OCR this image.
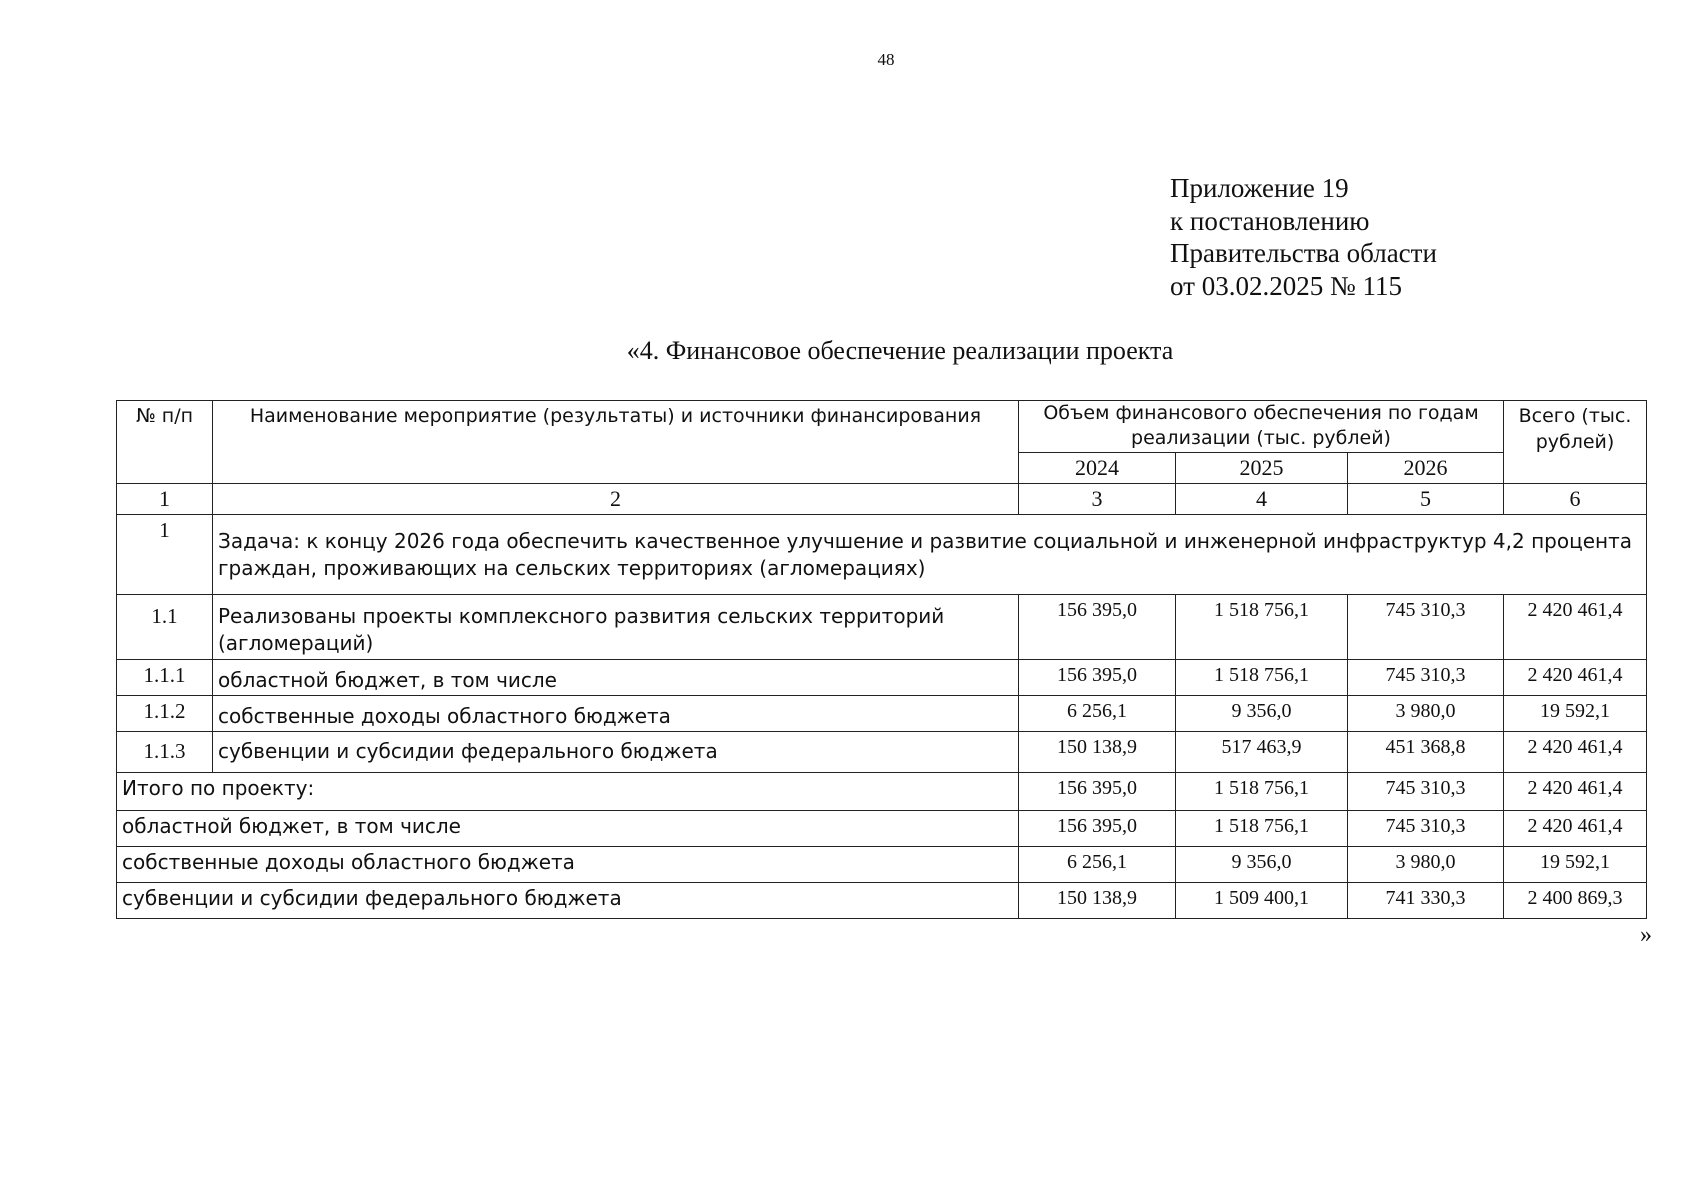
48
Приложение 19
к постановлению
Правительства области
от 03.02.2025 № 115
«4. Финансовое обеспечение реализации проекта
№ п/п	Наименование мероприятие (результаты) и источники финансирования	Объем финансового обеспечения по годам реализации (тыс. рублей)			Всего (тыс. рублей)
		2024	2025	2026	
1	2	3	4	5	6
1	Задача: к концу 2026 года обеспечить качественное улучшение и развитие социальной и инженерной инфраструктур 4,2 процента граждан, проживающих на сельских территориях (агломерациях)				
1.1	Реализованы проекты комплексного развития сельских территорий (агломераций)	156 395,0	1 518 756,1	745 310,3	2 420 461,4
1.1.1	областной бюджет, в том числе	156 395,0	1 518 756,1	745 310,3	2 420 461,4
1.1.2	собственные доходы областного бюджета	6 256,1	9 356,0	3 980,0	19 592,1
1.1.3	субвенции и субсидии федерального бюджета	150 138,9	517 463,9	451 368,8	2 420 461,4
Итого по проекту:		156 395,0	1 518 756,1	745 310,3	2 420 461,4
областной бюджет, в том числе		156 395,0	1 518 756,1	745 310,3	2 420 461,4
собственные доходы областного бюджета		6 256,1	9 356,0	3 980,0	19 592,1
субвенции и субсидии федерального бюджета		150 138,9	1 509 400,1	741 330,3	2 400 869,3
»
